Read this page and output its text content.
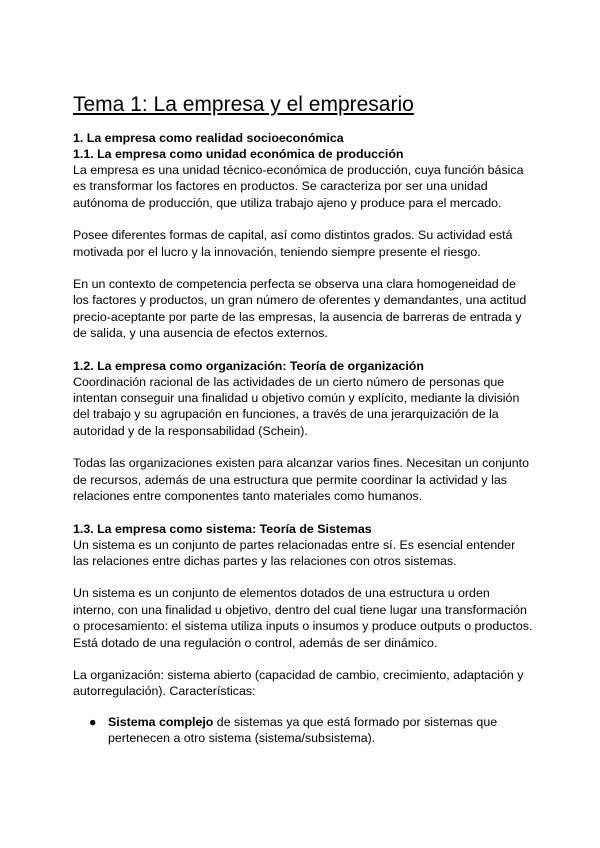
Tema 1: La empresa y el empresario
1. La empresa como realidad socioeconómica
1.1. La empresa como unidad económica de producción

La empresa es una unidad técnico-económica de producción, cuya función básica es transformar los factores en productos. Se caracteriza por ser una unidad autónoma de producción, que utiliza trabajo ajeno y produce para el mercado.

Posee diferentes formas de capital, así como distintos grados. Su actividad está motivada por el lucro y la innovación, teniendo siempre presente el riesgo.

En un contexto de competencia perfecta se observa una clara homogeneidad de los factores y productos, un gran número de oferentes y demandantes, una actitud precio-aceptante por parte de las empresas, la ausencia de barreras de entrada y de salida, y una ausencia de efectos externos.

1.2. La empresa como organización: Teoría de organización

Coordinación racional de las actividades de un cierto número de personas que intentan conseguir una finalidad u objetivo común y explícito, mediante la división del trabajo y su agrupación en funciones, a través de una jerarquización de la autoridad y de la responsabilidad (Schein).

Todas las organizaciones existen para alcanzar varios fines. Necesitan un conjunto de recursos, además de una estructura que permite coordinar la actividad y las relaciones entre componentes tanto materiales como humanos.

1.3. La empresa como sistema: Teoría de Sistemas

Un sistema es un conjunto de partes relacionadas entre sí. Es esencial entender las relaciones entre dichas partes y las relaciones con otros sistemas.

Un sistema es un conjunto de elementos dotados de una estructura u orden interno, con una finalidad u objetivo, dentro del cual tiene lugar una transformación o procesamiento: el sistema utiliza inputs o insumos y produce outputs o productos. Está dotado de una regulación o control, además de ser dinámico.

La organización: sistema abierto (capacidad de cambio, crecimiento, adaptación y autorregulación). Características:

● Sistema complejo de sistemas ya que está formado por sistemas que pertenecen a otro sistema (sistema/subsistema).
